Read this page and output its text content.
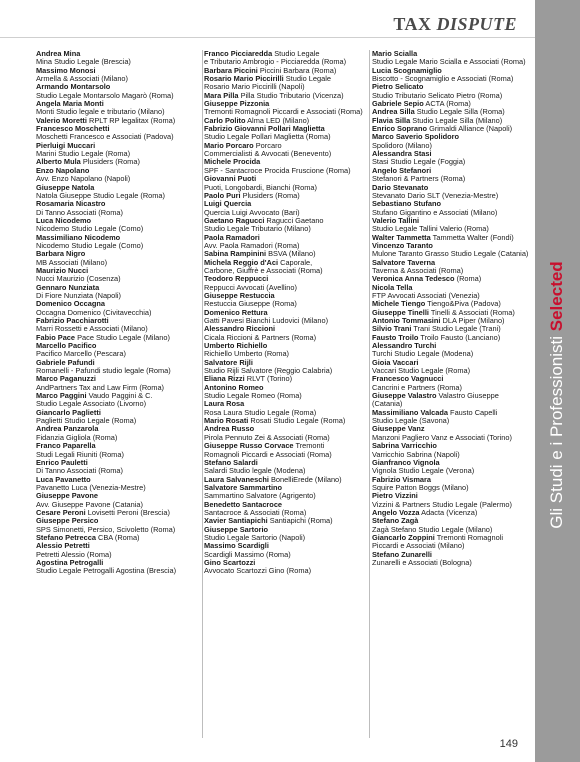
TAX DISPUTE
Gli Studi e i Professionisti Selected

Andrea Mina
Mina Studio Legale (Brescia)

Massimo Monosi
Armella & Associati (Milano)

Armando Montarsolo
Studio Legale Montarsolo Magarò (Roma)

Angela Maria Monti
Monti Studio legale e tributario (Milano)

Valerio Moretti RPLT RP legalitax (Roma)

Francesco Moschetti
Moschetti Francesco e Associati (Padova)

Pierluigi Muccari
Marini Studio Legale (Roma)

Alberto Mula Plusiders (Roma)

Enzo Napolano
Avv. Enzo Napolano (Napoli)

Giuseppe Natola
Natola Giuseppe Studio Legale (Roma)

Rosamaria Nicastro
Di Tanno Associati (Roma)

Luca Nicodemo
Nicodemo Studio Legale (Como)

Massimiliano Nicodemo
Nicodemo Studio Legale (Como)

Barbara Nigro
MB Associati (Milano)

Maurizio Nucci
Nucci Maurizio (Cosenza)

Gennaro Nunziata
Di Fiore Nunziata (Napoli)

Domenico Occagna
Occagna Domenico (Civitavecchia)

Fabrizio Pacchiarotti
Marri Rossetti e Associati (Milano)

Fabio Pace Pace Studio Legale (Milano)

Marcello Pacifico
Pacifico Marcello (Pescara)

Gabriele Pafundi
Romanelli - Pafundi studio legale (Roma)

Marco Paganuzzi
AndPartners Tax and Law Firm (Roma)

Marco Paggini Vaudo Paggini & C.
Studio Legale Associato (Livorno)

Giancarlo Paglietti
Paglietti Studio Legale (Roma)

Andrea Panzarola
Fidanzia Gigliola (Roma)

Franco Paparella
Studi Legali Riuniti (Roma)

Enrico Pauletti
Di Tanno Associati (Roma)

Luca Pavanetto
Pavanetto Luca (Venezia-Mestre)

Giuseppe Pavone
Avv. Giuseppe Pavone (Catania)

Cesare Peroni Lovisetti Peroni (Brescia)

Giuseppe Persico
SPS Simonetti, Persico, Scivoletto (Roma)

Stefano Petrecca CBA (Roma)

Alessio Petretti
Petretti Alessio (Roma)

Agostina Petrogalli
Studio Legale Petrogalli Agostina (Brescia)

Franco Picciaredda Studio Legale
e Tributario Ambrogio - Picciaredda (Roma)

Barbara Piccini Piccini Barbara (Roma)

Rosario Mario Piccirilli Studio Legale
Rosario Mario Piccirilli (Napoli)

Mara Pilla Pilla Studio Tributario (Vicenza)

Giuseppe Pizzonia
Tremonti Romagnoli Piccardi e Associati (Roma)

Carlo Polito Alma LED (Milano)

Fabrizio Giovanni Pollari Maglietta
Studio Legale Pollari Maglietta (Roma)

Mario Porcaro Porcaro
Commercialisti & Avvocati (Benevento)

Michele Procida
SPF - Santacroce Procida Fruscione (Roma)

Giovanni Puoti
Puoti, Longobardi, Bianchi (Roma)

Paolo Puri Plusiders (Roma)

Luigi Quercia
Quercia Luigi Avvocato (Bari)

Gaetano Ragucci Ragucci Gaetano
Studio Legale Tributario (Milano)

Paola Ramadori
Avv. Paola Ramadori (Roma)

Sabina Rampinini BSVA (Milano)

Michela Reggio d'Aci Caporale,
Carbone, Giuffrè e Associati (Roma)

Teodoro Reppucci
Reppucci Avvocati (Avellino)

Giuseppe Restuccia
Restuccia Giuseppe (Roma)

Domenico Rettura
Gatti Pavesi Bianchi Ludovici (Milano)

Alessandro Riccioni
Cicala Riccioni & Partners (Roma)

Umberto Richiello
Richiello Umberto (Roma)

Salvatore Rijli
Studio Rijli Salvatore (Reggio Calabria)

Eliana Rizzi RLVT (Torino)

Antonino Romeo
Studio Legale Romeo (Roma)

Laura Rosa
Rosa Laura Studio Legale (Roma)

Mario Rosati Rosati Studio Legale (Roma)

Andrea Russo
Pirola Pennuto Zei & Associati (Roma)

Giuseppe Russo Corvace Tremonti
Romagnoli Piccardi e Associati (Roma)

Stefano Salardi
Salardi Studio legale (Modena)

Laura Salvaneschi BonelliErede (Milano)

Salvatore Sammartino
Sammartino Salvatore (Agrigento)

Benedetto Santacroce
Santacroce & Associati (Roma)

Xavier Santiapichi Santiapichi (Roma)

Giuseppe Sartorio
Studio Legale Sartorio (Napoli)

Massimo Scardigli
Scardigli Massimo (Roma)

Gino Scartozzi
Avvocato Scartozzi Gino (Roma)

Mario Scialla
Studio Legale Mario Scialla e Associati (Roma)

Lucia Scognamiglio
Biscotto - Scognamiglio e Associati (Roma)

Pietro Selicato
Studio Tributario Selicato Pietro (Roma)

Gabriele Sepio ACTA (Roma)

Andrea Silla Studio Legale Silla (Roma)

Flavia Silla Studio Legale Silla (Milano)

Enrico Soprano Grimaldi Alliance (Napoli)

Marco Saverio Spolidoro
Spolidoro (Milano)

Alessandra Stasi
Stasi Studio Legale (Foggia)

Angelo Stefanori
Stefanori & Partners (Roma)

Dario Stevanato
Stevanato Dario SLT (Venezia-Mestre)

Sebastiano Stufano
Stufano Gigantino e Associati (Milano)

Valerio Tallini
Studio Legale Tallini Valerio (Roma)

Walter Tammetta Tammetta Walter (Fondi)

Vincenzo Taranto
Mulone Taranto Grasso Studio Legale (Catania)

Salvatore Taverna
Taverna & Associati (Roma)

Veronica Anna Tedesco (Roma)

Nicola Tella
FTP Avvocati Associati (Venezia)

Michele Tiengo Tiengo&Piva (Padova)

Giuseppe Tinelli Tinelli & Associati (Roma)

Antonio Tommasini DLA Piper (Milano)

Silvio Trani Trani Studio Legale (Trani)

Fausto Troilo Troilo Fausto (Lanciano)

Alessandro Turchi
Turchi Studio Legale (Modena)

Gioia Vaccari
Vaccari Studio Legale (Roma)

Francesco Vagnucci
Cancrini e Partners (Roma)

Giuseppe Valastro Valastro Giuseppe
(Catania)

Massimiliano Valcada Fausto Capelli
Studio Legale (Savona)

Giuseppe Vanz
Manzoni Pagliero Vanz e Associati (Torino)

Sabrina Varricchio
Varricchio Sabrina (Napoli)

Gianfranco Vignola
Vignola Studio Legale (Verona)

Fabrizio Vismara
Squire Patton Boggs (Milano)

Pietro Vizzini
Vizzini & Partners Studio Legale (Palermo)

Angelo Vozza Adacta (Vicenza)

Stefano Zagà
Zagà Stefano Studio Legale (Milano)

Giancarlo Zoppini Tremonti Romagnoli
Piccardi e Associati (Milano)

Stefano Zunarelli
Zunarelli e Associati (Bologna)

149
